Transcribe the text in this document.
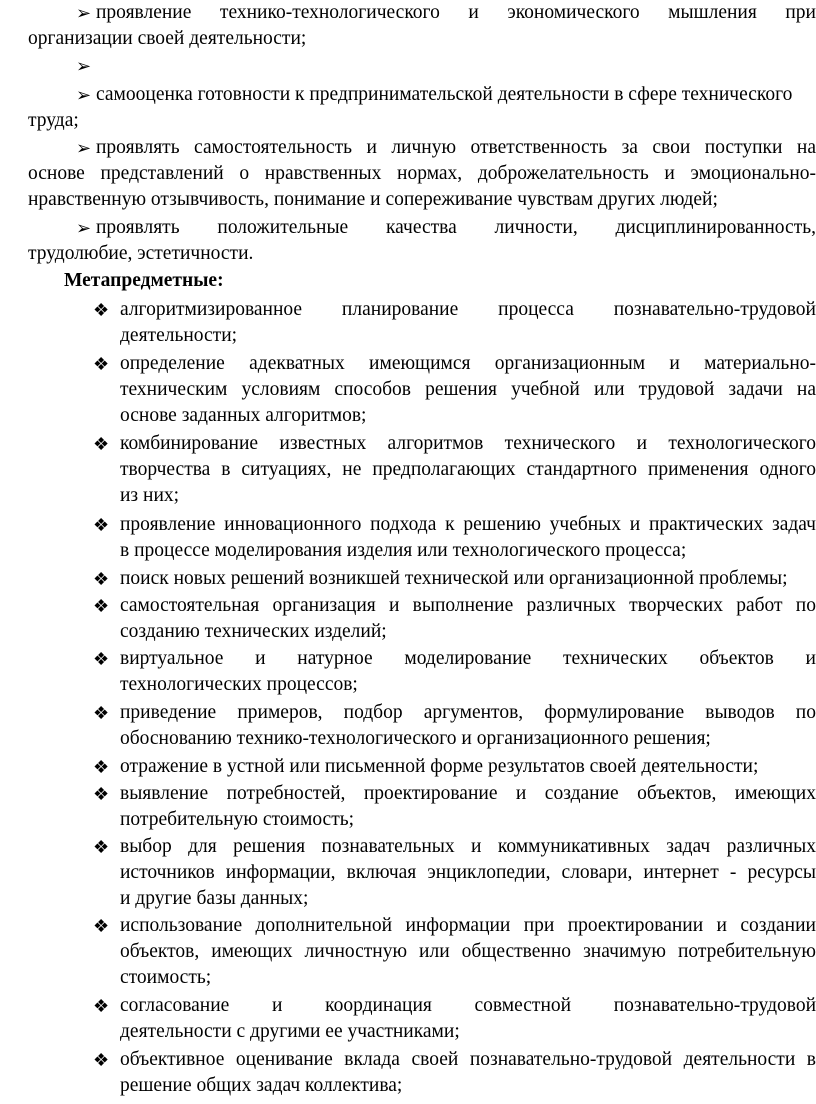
➢ проявление технико-технологического и экономического мышления при
организации своей деятельности;
➢
➢ самооценка готовности к предпринимательской деятельности в сфере технического
труда;
➢ проявлять самостоятельность и личную ответственность за свои поступки на
основе представлений о нравственных нормах, доброжелательность и эмоционально-
нравственную отзывчивость, понимание и сопереживание чувствам других людей;
➢ проявлять положительные качества личности, дисциплинированность,
трудолюбие, эстетичности.
Метапредметные:
❖ алгоритмизированное планирование процесса познавательно-трудовой
деятельности;
❖ определение адекватных имеющимся организационным и материально-
техническим условиям способов решения учебной или трудовой задачи на
основе заданных алгоритмов;
❖ комбинирование известных алгоритмов технического и технологического
творчества в ситуациях, не предполагающих стандартного применения одного
из них;
❖ проявление инновационного подхода к решению учебных и практических задач
в процессе моделирования изделия или технологического процесса;
❖ поиск новых решений возникшей технической или организационной проблемы;
❖ самостоятельная организация и выполнение различных творческих работ по
созданию технических изделий;
❖ виртуальное и натурное моделирование технических объектов и
технологических процессов;
❖ приведение примеров, подбор аргументов, формулирование выводов по
обоснованию технико-технологического и организационного решения;
❖ отражение в устной или письменной форме результатов своей деятельности;
❖ выявление потребностей, проектирование и создание объектов, имеющих
потребительную стоимость;
❖ выбор для решения познавательных и коммуникативных задач различных
источников информации, включая энциклопедии, словари, интернет - ресурсы
и другие базы данных;
❖ использование дополнительной информации при проектировании и создании
объектов, имеющих личностную или общественно значимую потребительную
стоимость;
❖ согласование и координация совместной познавательно-трудовой
деятельности с другими ее участниками;
❖ объективное оценивание вклада своей познавательно-трудовой деятельности в
решение общих задач коллектива;
